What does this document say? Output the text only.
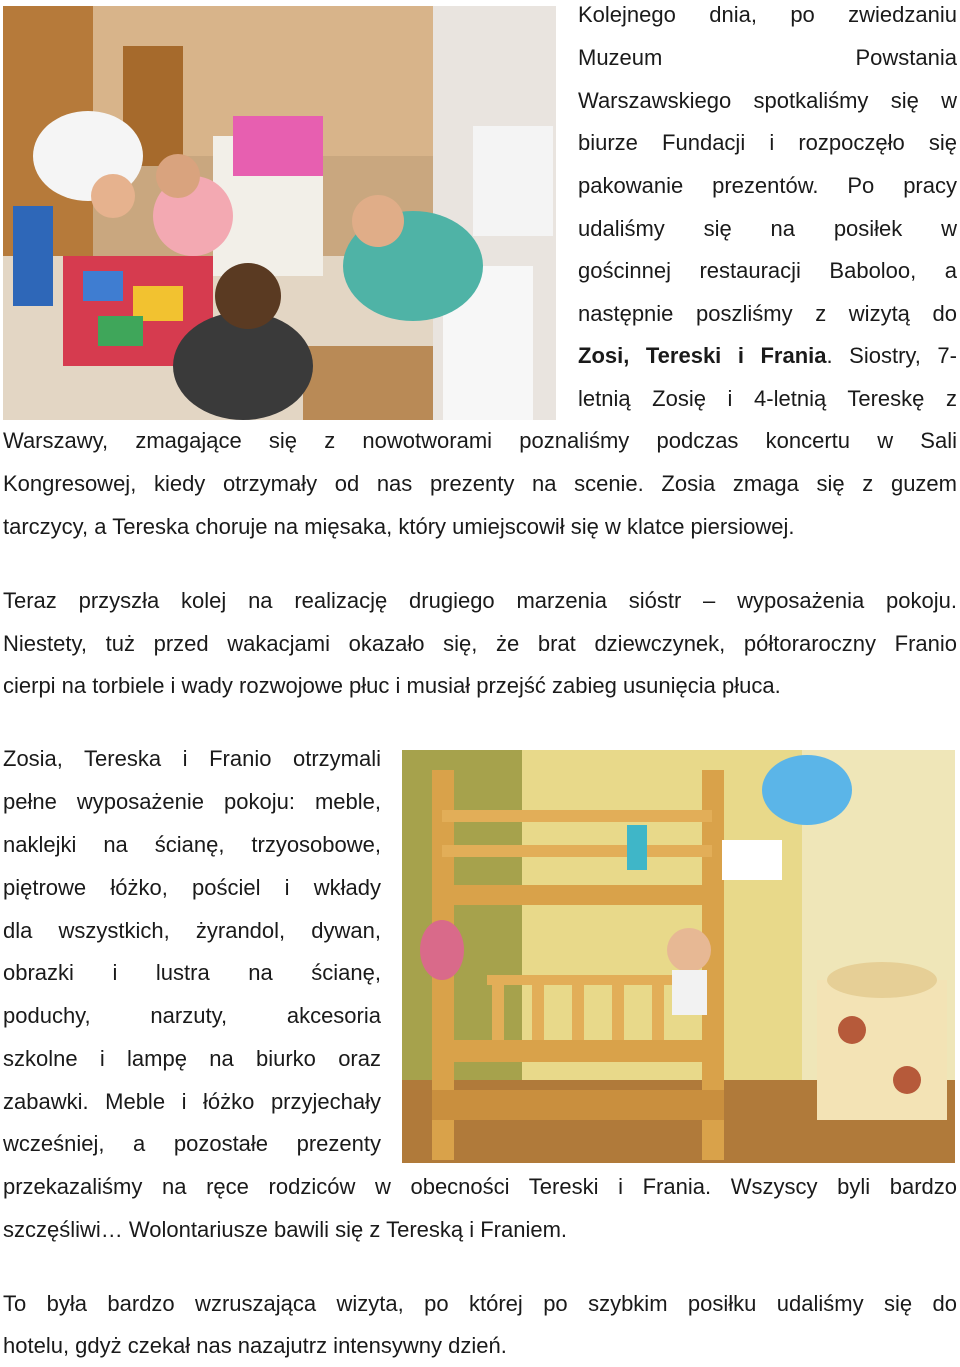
Kolejnego dnia, po zwiedzaniu
Muzeum Powstania
Warszawskiego spotkaliśmy się w
biurze Fundacji i rozpoczęło się
pakowanie prezentów. Po pracy
udaliśmy się na posiłek w
gościnnej restauracji Baboloo, a
następnie poszliśmy z wizytą do
Zosi, Tereski i Frania. Siostry, 7-
letnią Zosię i 4-letnią Tereskę z
Warszawy, zmagające się z nowotworami poznaliśmy podczas koncertu w Sali
Kongresowej, kiedy otrzymały od nas prezenty na scenie. Zosia zmaga się z guzem
tarczycy, a Tereska choruje na mięsaka, który umiejscowił się w klatce piersiowej.
Teraz przyszła kolej na realizację drugiego marzenia sióstr – wyposażenia pokoju.
Niestety, tuż przed wakacjami okazało się, że brat dziewczynek, półtoraroczny Franio
cierpi na torbiele i wady rozwojowe płuc i musiał przejść zabieg usunięcia płuca.
Zosia, Tereska i Franio otrzymali
pełne wyposażenie pokoju: meble,
naklejki na ścianę, trzyosobowe,
piętrowe łóżko, pościel i wkłady
dla wszystkich, żyrandol, dywan,
obrazki i lustra na ścianę,
poduchy, narzuty, akcesoria
szkolne i lampę na biurko oraz
zabawki. Meble i łóżko przyjechały
wcześniej, a pozostałe prezenty
przekazaliśmy na ręce rodziców w obecności Tereski i Frania. Wszyscy byli bardzo
szczęśliwi… Wolontariusze bawili się z Tereską i Franiem.
To była bardzo wzruszająca wizyta, po której po szybkim posiłku udaliśmy się do
hotelu, gdyż czekał nas nazajutrz intensywny dzień.
